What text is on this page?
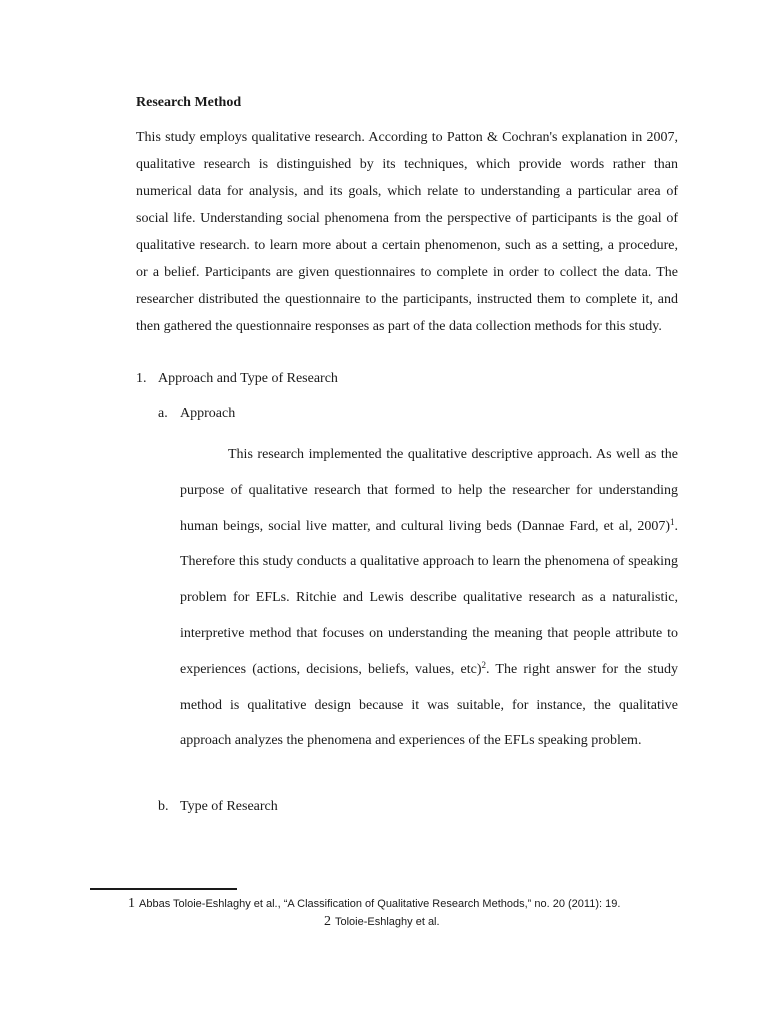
Research Method

This study employs qualitative research. According to Patton & Cochran's explanation in 2007, qualitative research is distinguished by its techniques, which provide words rather than numerical data for analysis, and its goals, which relate to understanding a particular area of social life. Understanding social phenomena from the perspective of participants is the goal of qualitative research. to learn more about a certain phenomenon, such as a setting, a procedure, or a belief. Participants are given questionnaires to complete in order to collect the data. The researcher distributed the questionnaire to the participants, instructed them to complete it, and then gathered the questionnaire responses as part of the data collection methods for this study.

1. Approach and Type of Research

a. Approach

This research implemented the qualitative descriptive approach. As well as the purpose of qualitative research that formed to help the researcher for understanding human beings, social live matter, and cultural living beds (Dannae Fard, et al, 2007)$^1$. Therefore this study conducts a qualitative approach to learn the phenomena of speaking problem for EFLs. Ritchie and Lewis describe qualitative research as a naturalistic, interpretive method that focuses on understanding the meaning that people attribute to experiences (actions, decisions, beliefs, values, etc)$^2$. The right answer for the study method is qualitative design because it was suitable, for instance, the qualitative approach analyzes the phenomena and experiences of the EFLs speaking problem.

b. Type of Research

1 Abbas Toloie-Eshlaghy et al., “A Classification of Qualitative Research Methods,” no. 20 (2011): 19.

2 Toloie-Eshlaghy et al.
